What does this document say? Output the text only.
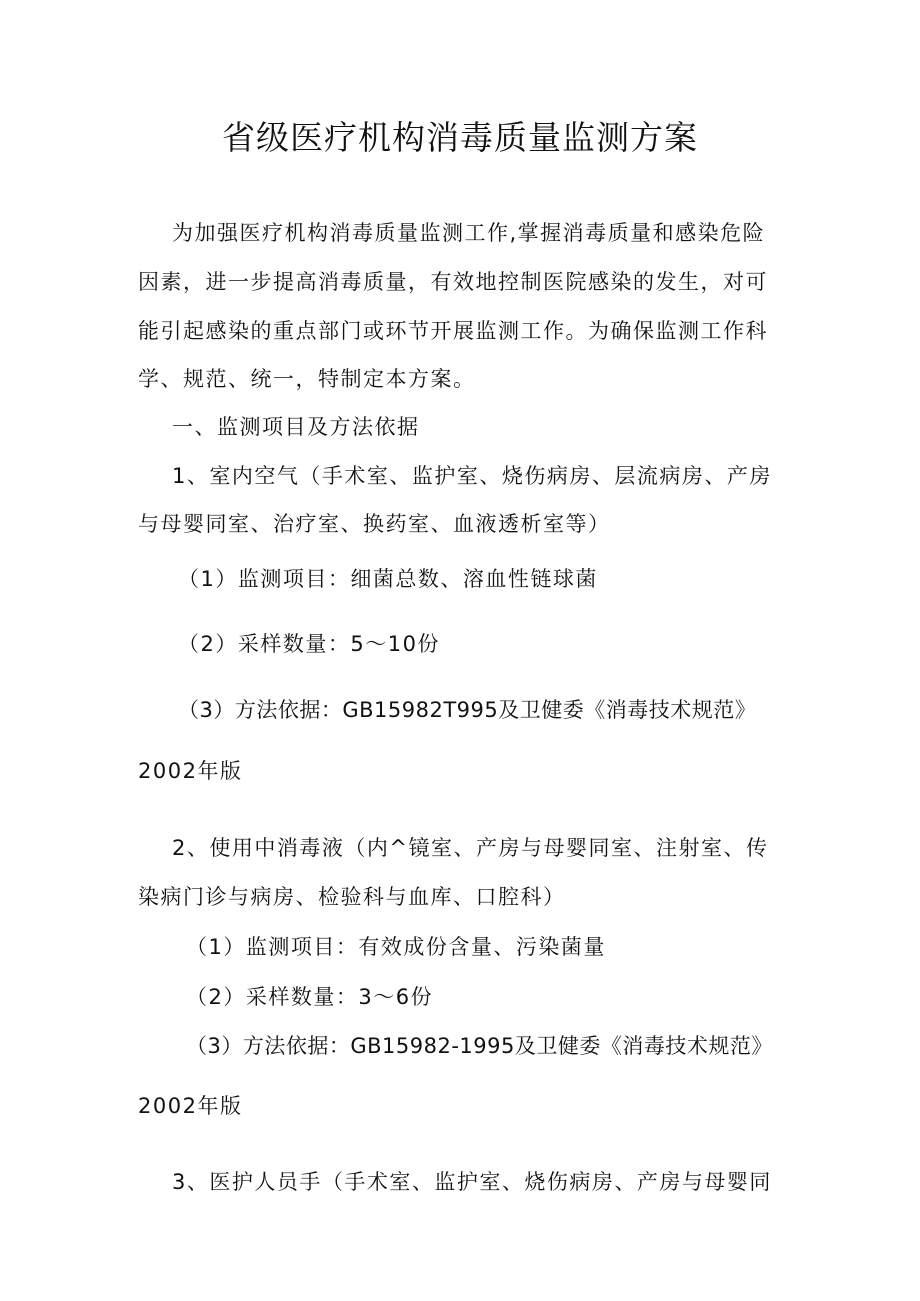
省级医疗机构消毒质量监测方案
为加强医疗机构消毒质量监测工作,掌握消毒质量和感染危险
因素，进一步提高消毒质量，有效地控制医院感染的发生，对可
能引起感染的重点部门或环节开展监测工作。为确保监测工作科
学、规范、统一，特制定本方案。
一、监测项目及方法依据
1、室内空气（手术室、监护室、烧伤病房、层流病房、产房
与母婴同室、治疗室、换药室、血液透析室等）
（1）监测项目：细菌总数、溶血性链球菌
（2）采样数量：5～10份
（3）方法依据：GB15982T995及卫健委《消毒技术规范》
2002年版
2、使用中消毒液（内^镜室、产房与母婴同室、注射室、传
染病门诊与病房、检验科与血库、口腔科）
（1）监测项目：有效成份含量、污染菌量
（2）采样数量：3～6份
（3）方法依据：GB15982-1995及卫健委《消毒技术规范》
2002年版
3、医护人员手（手术室、监护室、烧伤病房、产房与母婴同
